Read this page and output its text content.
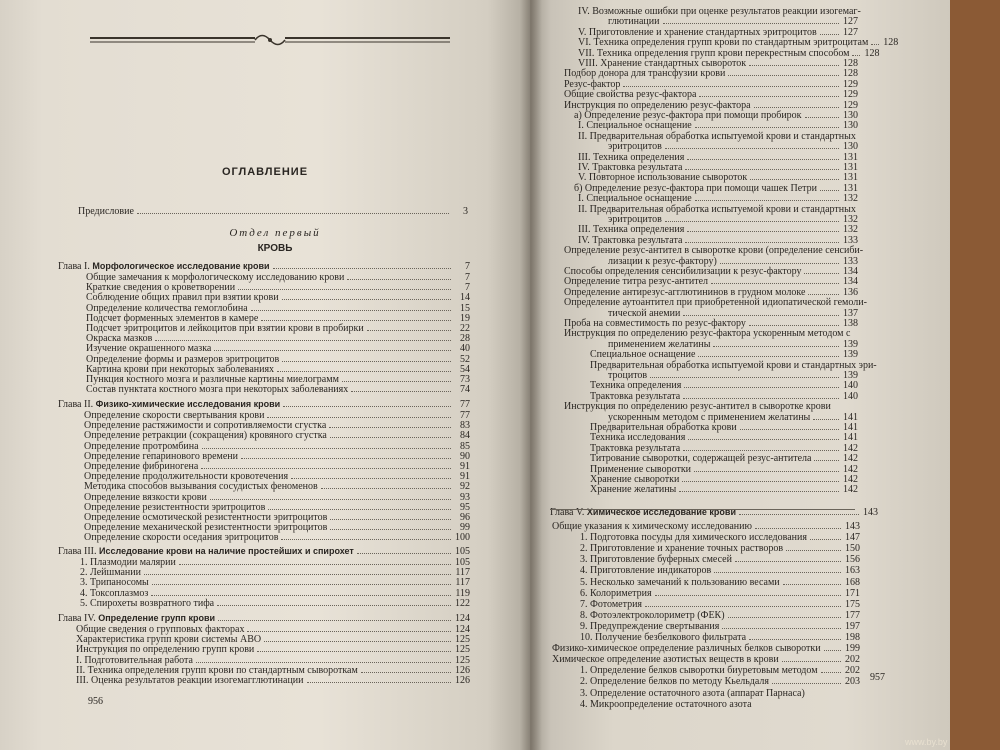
ОГЛАВЛЕНИЕ
Предисловие	3
Отдел первый
КРОВЬ
Глава I. Морфологическое исследование крови	7
Общие замечания к морфологическому исследованию крови	7
Краткие сведения о кроветворении	7
Соблюдение общих правил при взятии крови	14
Определение количества гемоглобина	15
Подсчет форменных элементов в камере	19
Подсчет эритроцитов и лейкоцитов при взятии крови в пробирки	22
Окраска мазков	28
Изучение окрашенного мазка	40
Определение формы и размеров эритроцитов	52
Картина крови при некоторых заболеваниях	54
Пункция костного мозга и различные картины миелограмм	73
Состав пунктата костного мозга при некоторых заболеваниях	74
Глава II. Физико-химические исследования крови	77
Определение скорости свертывания крови	77
Определение растяжимости и сопротивляемости сгустка	83
Определение ретракции (сокращения) кровяного сгустка	84
Определение протромбина	85
Определение гепаринового времени	90
Определение фибриногена	91
Определение продолжительности кровотечения	91
Методика способов вызывания сосудистых феноменов	92
Определение вязкости крови	93
Определение резистентности эритроцитов	95
Определение осмотической резистентности эритроцитов	96
Определение механической резистентности эритроцитов	99
Определение скорости оседания эритроцитов	100
Глава III. Исследование крови на наличие простейших и спирохет	105
1. Плазмодии малярии	105
2. Лейшмании	117
3. Трипаносомы	117
4. Токсоплазмоз	119
5. Спирохеты возвратного тифа	122
Глава IV. Определение групп крови	124
Общие сведения о групповых факторах	124
Характеристика групп крови системы АВО	125
Инструкция по определению групп крови	125
I. Подготовительная работа	125
II. Техника определения групп крови по стандартным сывороткам	126
III. Оценка результатов реакции изогемагглютинации	126
956
IV. Возможные ошибки при оценке результатов реакции изогемаг-
глютинации	127
V. Приготовление и хранение стандартных эритроцитов	127
VI. Техника определения групп крови по стандартным эритроцитам 128
VII. Техника определения групп крови перекрестным способом 128
VIII. Хранение стандартных сывороток	128
Подбор донора для трансфузии крови	128
Резус-фактор	129
Общие свойства резус-фактора	129
Инструкция по определению резус-фактора	129
а) Определение резус-фактора при помощи пробирок	130
I. Специальное оснащение	130
II. Предварительная обработка испытуемой крови и стандартных
эритроцитов	130
III. Техника определения	131
IV. Трактовка результата	131
V. Повторное использование сывороток	131
б) Определение резус-фактора при помощи чашек Петри	131
I. Специальное оснащение	132
II. Предварительная обработка испытуемой крови и стандартных
эритроцитов	132
III. Техника определения	132
IV. Трактовка результата	133
Определение резус-антител в сыворотке крови (определение сенсиби-
лизации к резус-фактору)	133
Способы определения сенсибилизации к резус-фактору	134
Определение титра резус-антител	134
Определение антирезус-агглютининов в грудном молоке	136
Определение аутоантител при приобретенной идиопатической гемоли-
тической анемии	137
Проба на совместимость по резус-фактору	138
Инструкция по определению резус-фактора ускоренным методом с
применением желатины	139
Специальное оснащение	139
Предварительная обработка испытуемой крови и стандартных эри-
троцитов	139
Техника определения	140
Трактовка результата	140
Инструкция по определению резус-антител в сыворотке крови
ускоренным методом с применением желатины	141
Предварительная обработка крови	141
Техника исследования	141
Трактовка результата	142
Титрование сыворотки, содержащей резус-антитела	142
Применение сыворотки	142
Хранение сыворотки	142
Хранение желатины	142
Глава V. Химическое исследование крови	143
Общие указания к химическому исследованию	143
1. Подготовка посуды для химического исследования	147
2. Приготовление и хранение точных растворов	150
3. Приготовление буферных смесей	156
4. Приготовление индикаторов	163
5. Несколько замечаний к пользованию весами	168
6. Колориметрия	171
7. Фотометрия	175
8. Фотоэлектроколориметр (ФЕК)	177
9. Предупреждение свертывания	197
10. Получение безбелкового фильтрата	198
Физико-химическое определение различных белков сыворотки 199
Химическое определение азотистых веществ в крови	202
1. Определение белков сыворотки биуретовым методом	202
2. Определение белков по методу Кьельдаля	203
3. Определение остаточного азота (аппарат Парнаса)
4. Микроопределение остаточного азота
957
www.by.by
